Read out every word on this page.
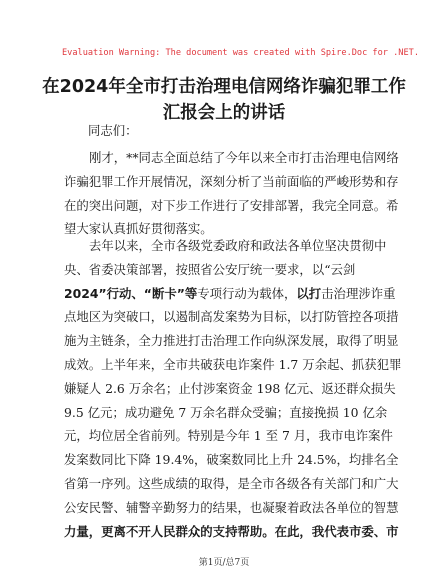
Evaluation Warning: The document was created with Spire.Doc for .NET.
在2024年全市打击治理电信网络诈骗犯罪工作
汇报会上的讲话
同志们：
刚才，**同志全面总结了今年以来全市打击治理电信网络
诈骗犯罪工作开展情况，深刻分析了当前面临的严峻形势和存
在的突出问题，对下步工作进行了安排部署，我完全同意。希
望大家认真抓好贯彻落实。
去年以来，全市各级党委政府和政法各单位坚决贯彻中
央、省委决策部署，按照省公安厅统一要求，以“云剑
2024”行动、“断卡”等专项行动为载体，以打击治理涉诈重
点地区为突破口，以遏制高发案势为目标，以打防管控各项措
施为主链条，全力推进打击治理工作向纵深发展，取得了明显
成效。上半年来，全市共破获电诈案件 1.7 万余起、抓获犯罪
嫌疑人 2.6 万余名；止付涉案资金 198 亿元、返还群众损失
9.5 亿元；成功避免 7 万余名群众受骗；直接挽损 10 亿余
元，均位居全省前列。特别是今年 1 至 7 月，我市电诈案件
发案数同比下降 19.4%，破案数同比上升 24.5%，均排名全
省第一序列。这些成绩的取得，是全市各级各有关部门和广大
公安民警、辅警辛勤努力的结果，也凝聚着政法各单位的智慧
力量，更离不开人民群众的支持帮助。在此，我代表市委、市
第1页/总7页
